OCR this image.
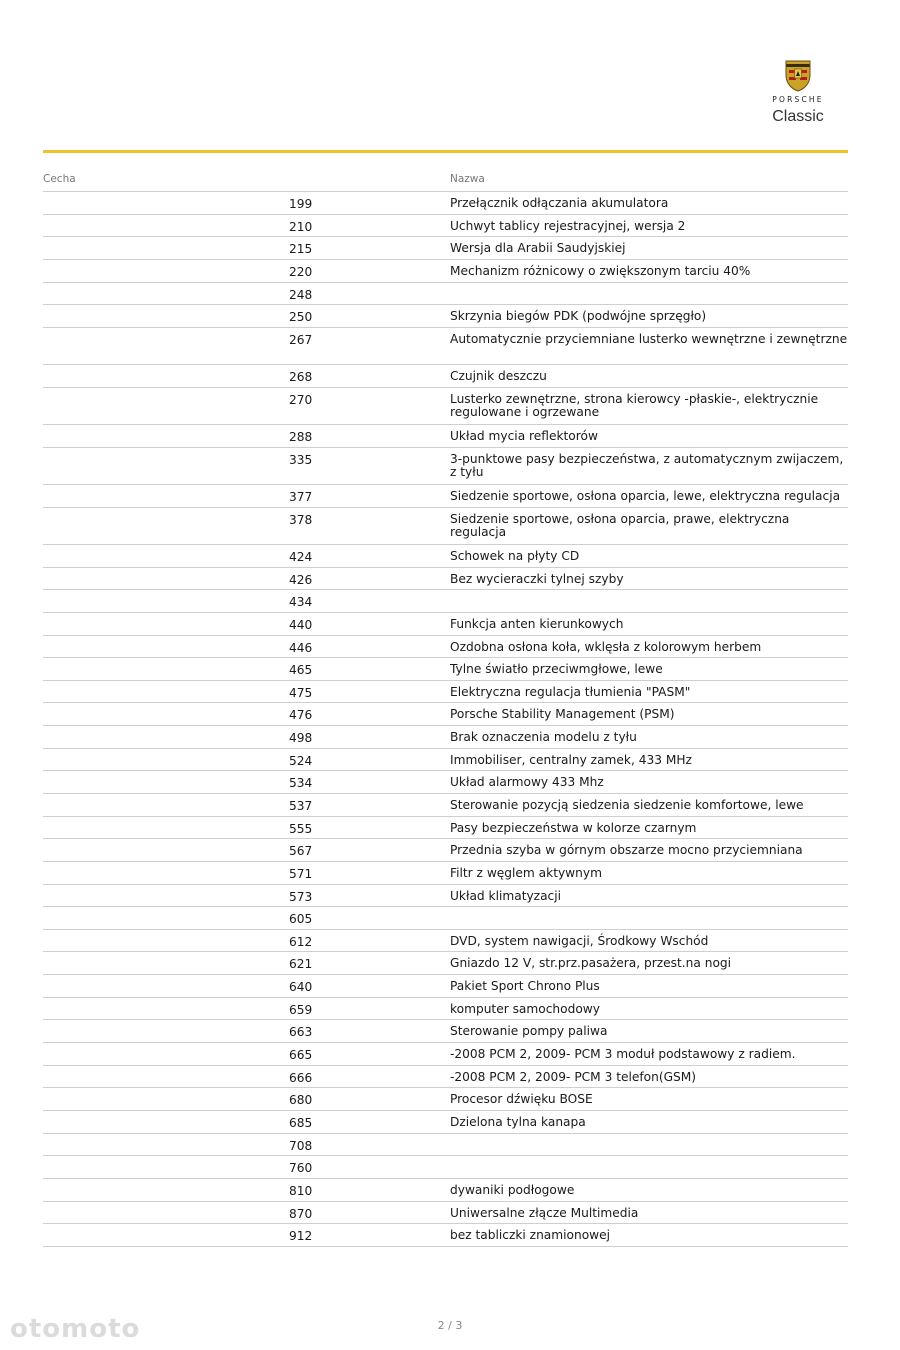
PORSCHE
Classic
Cecha	Nazwa
199	Przełącznik odłączania akumulatora
210	Uchwyt tablicy rejestracyjnej, wersja 2
215	Wersja dla Arabii Saudyjskiej
220	Mechanizm różnicowy o zwiększonym tarciu 40%
248
250	Skrzynia biegów PDK (podwójne sprzęgło)
267	Automatycznie przyciemniane lusterko wewnętrzne i zewnętrzne
268	Czujnik deszczu
270	Lusterko zewnętrzne, strona kierowcy -płaskie-, elektrycznie regulowane i ogrzewane
288	Układ mycia reflektorów
335	3-punktowe pasy bezpieczeństwa, z automatycznym zwijaczem, z tyłu
377	Siedzenie sportowe, osłona oparcia, lewe, elektryczna regulacja
378	Siedzenie sportowe, osłona oparcia, prawe, elektryczna regulacja
424	Schowek na płyty CD
426	Bez wycieraczki tylnej szyby
434
440	Funkcja anten kierunkowych
446	Ozdobna osłona koła, wklęsła z kolorowym herbem
465	Tylne światło przeciwmgłowe, lewe
475	Elektryczna regulacja tłumienia "PASM"
476	Porsche Stability Management (PSM)
498	Brak oznaczenia modelu z tyłu
524	Immobiliser, centralny zamek, 433 MHz
534	Układ alarmowy 433 Mhz
537	Sterowanie pozycją siedzenia siedzenie komfortowe, lewe
555	Pasy bezpieczeństwa w kolorze czarnym
567	Przednia szyba w górnym obszarze mocno przyciemniana
571	Filtr z węglem aktywnym
573	Układ klimatyzacji
605
612	DVD, system nawigacji, Środkowy Wschód
621	Gniazdo 12 V, str.prz.pasażera, przest.na nogi
640	Pakiet Sport Chrono Plus
659	komputer samochodowy
663	Sterowanie pompy paliwa
665	-2008 PCM 2, 2009- PCM 3 moduł podstawowy z radiem.
666	-2008 PCM 2, 2009- PCM 3 telefon(GSM)
680	Procesor dźwięku BOSE
685	Dzielona tylna kanapa
708
760
810	dywaniki podłogowe
870	Uniwersalne złącze Multimedia
912	bez tabliczki znamionowej
otomoto	2 / 3
